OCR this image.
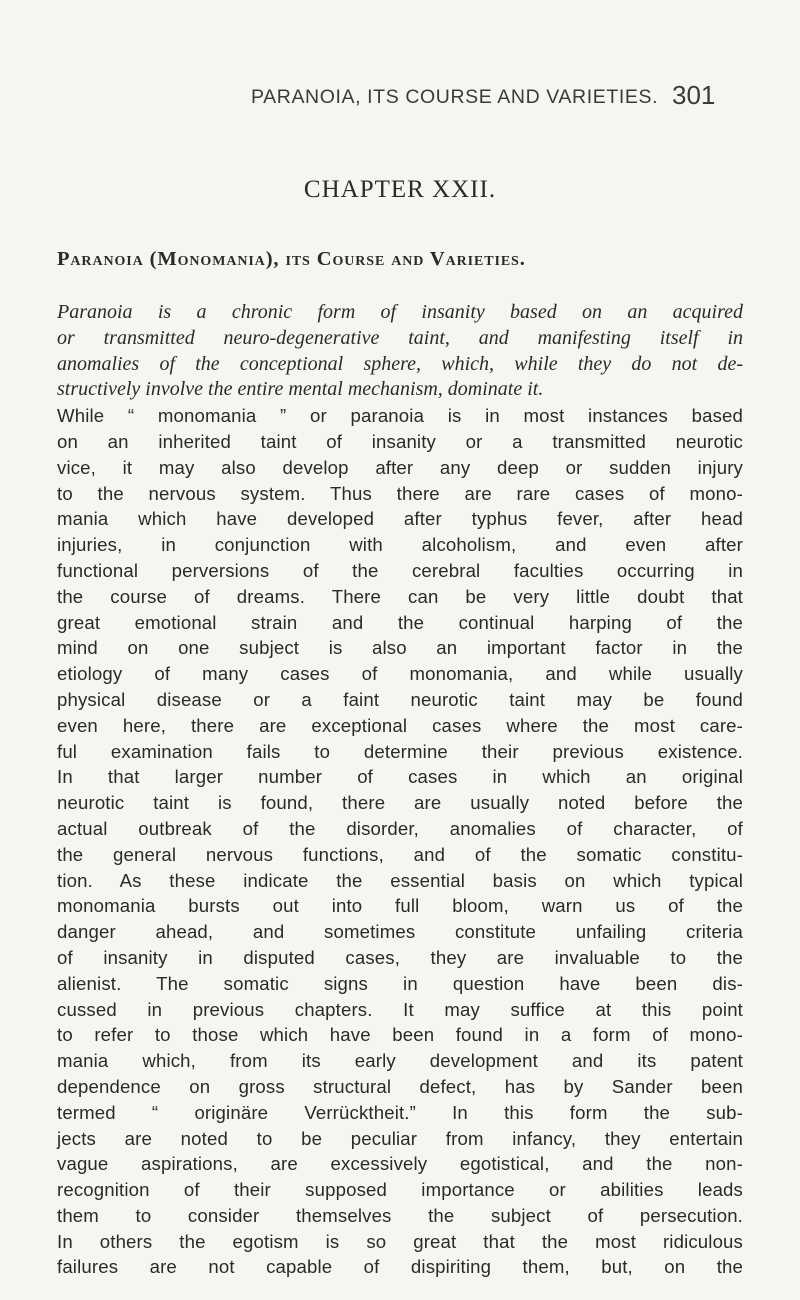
PARANOIA, ITS COURSE AND VARIETIES. 301
CHAPTER XXII.
Paranoia (Monomania), its Course and Varieties.
Paranoia is a chronic form of insanity based on an acquired
or transmitted neuro-degenerative taint, and manifesting itself in
anomalies of the conceptional sphere, which, while they do not de-
structively involve the entire mental mechanism, dominate it.
While “ monomania ” or paranoia is in most instances based
on an inherited taint of insanity or a transmitted neurotic
vice, it may also develop after any deep or sudden injury
to the nervous system. Thus there are rare cases of mono-
mania which have developed after typhus fever, after head
injuries, in conjunction with alcoholism, and even after
functional perversions of the cerebral faculties occurring in
the course of dreams. There can be very little doubt that
great emotional strain and the continual harping of the
mind on one subject is also an important factor in the
etiology of many cases of monomania, and while usually
physical disease or a faint neurotic taint may be found
even here, there are exceptional cases where the most care-
ful examination fails to determine their previous existence.
In that larger number of cases in which an original
neurotic taint is found, there are usually noted before the
actual outbreak of the disorder, anomalies of character, of
the general nervous functions, and of the somatic constitu-
tion. As these indicate the essential basis on which typical
monomania bursts out into full bloom, warn us of the
danger ahead, and sometimes constitute unfailing criteria
of insanity in disputed cases, they are invaluable to the
alienist. The somatic signs in question have been dis-
cussed in previous chapters. It may suffice at this point
to refer to those which have been found in a form of mono-
mania which, from its early development and its patent
dependence on gross structural defect, has by Sander been
termed “ originäre Verrücktheit.” In this form the sub-
jects are noted to be peculiar from infancy, they entertain
vague aspirations, are excessively egotistical, and the non-
recognition of their supposed importance or abilities leads
them to consider themselves the subject of persecution.
In others the egotism is so great that the most ridiculous
failures are not capable of dispiriting them, but, on the
